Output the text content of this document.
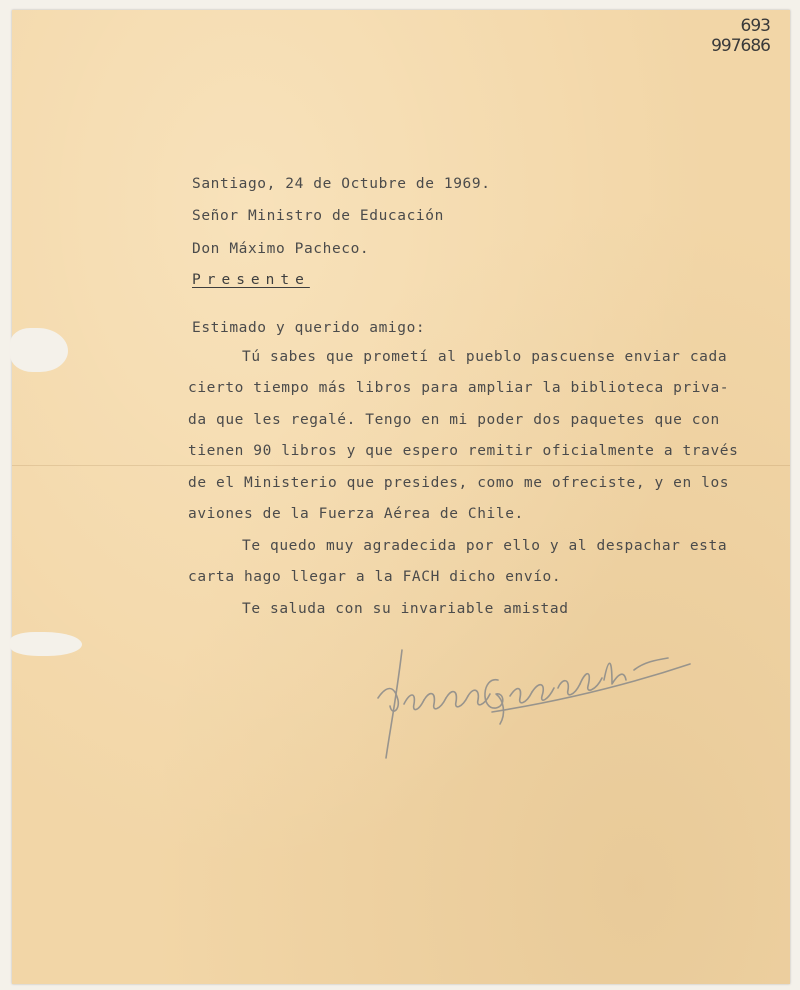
693
997686
Santiago, 24 de Octubre de 1969.
Señor Ministro de Educación
Don Máximo Pacheco.
Presente
Estimado y querido amigo:
Tú sabes que prometí al pueblo pascuense enviar cada
cierto tiempo más libros para ampliar la biblioteca priva-
da que les regalé. Tengo en mi poder dos paquetes que con
tienen 90 libros y que espero remitir oficialmente a través
de el Ministerio que presides, como me ofreciste, y en los
aviones de la Fuerza Aérea de Chile.
Te quedo muy agradecida por ello y al despachar esta
carta hago llegar a la FACH dicho envío.
Te saluda con su invariable amistad
